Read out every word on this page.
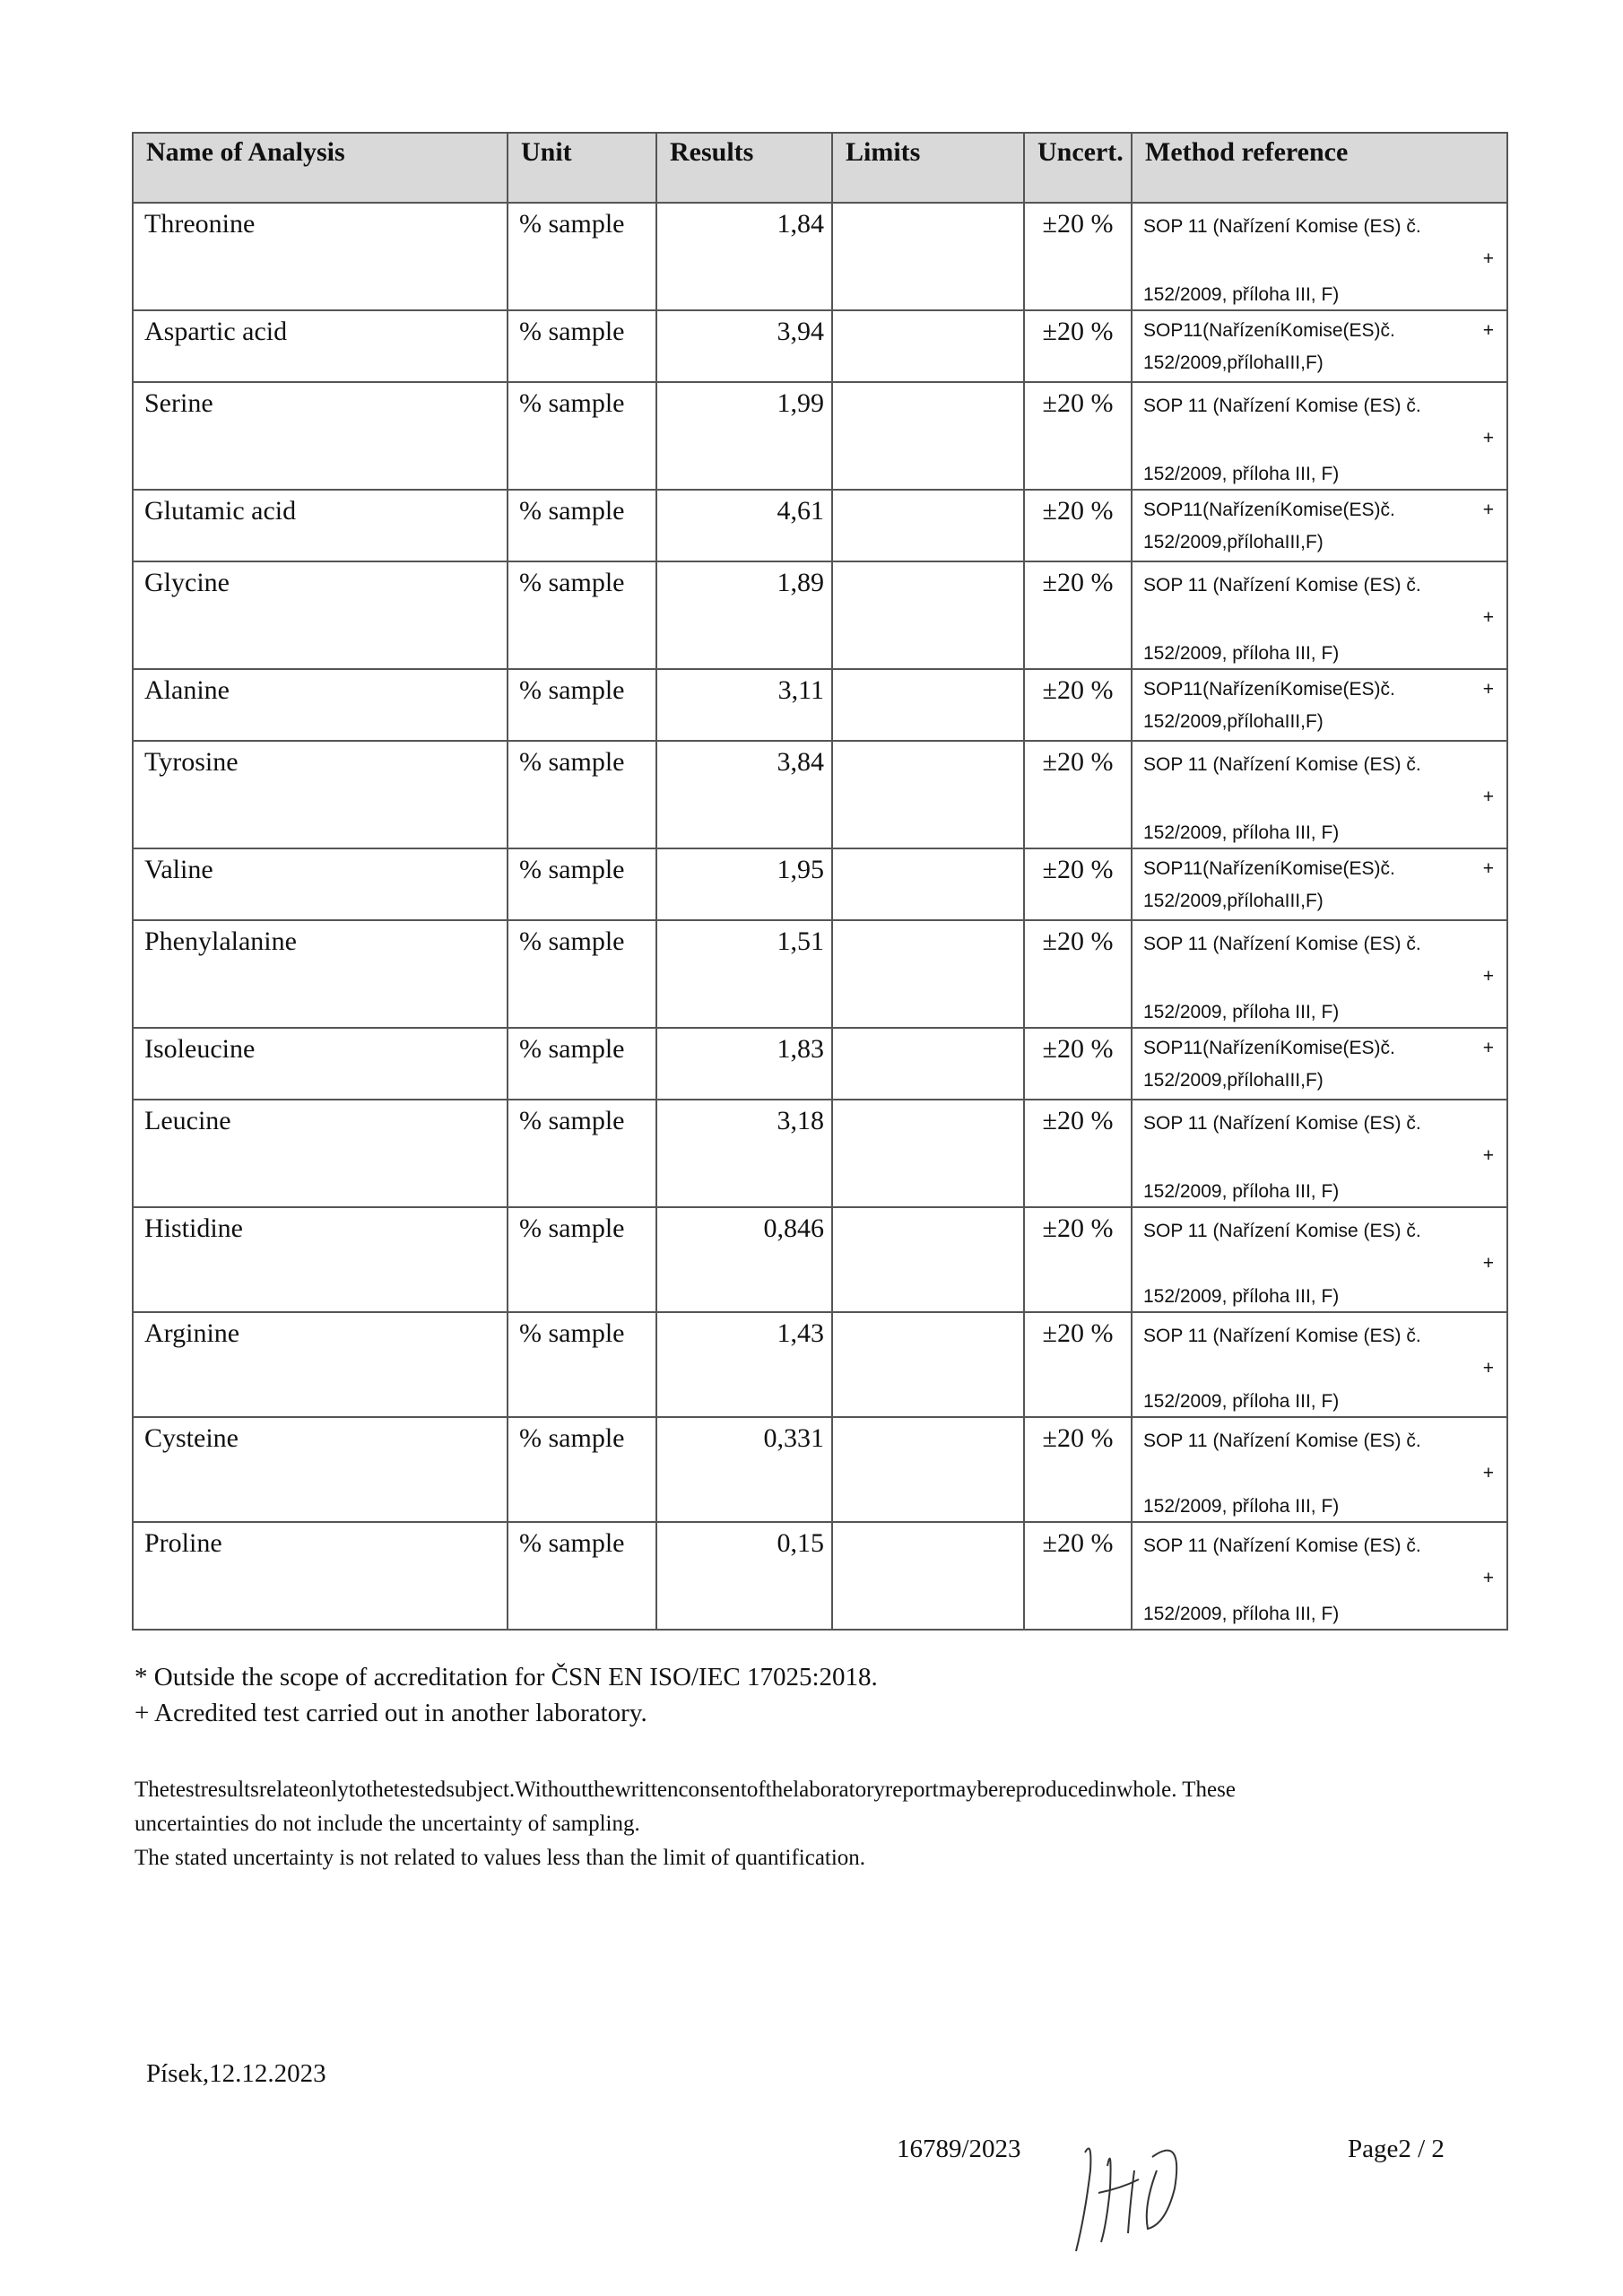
Name of Analysis	Unit	Results	Limits	Uncert.	Method reference
Threonine	% sample	1,84		±20 %	SOP 11 (Nařízení Komise (ES) č.
152/2009, příloha III, F)
+

Aspartic acid	% sample	3,94		±20 %	SOP11(NařízeníKomise(ES)č.
152/2009,přílohaIII,F)
+

Serine	% sample	1,99		±20 %	SOP 11 (Nařízení Komise (ES) č.
152/2009, příloha III, F)
+

Glutamic acid	% sample	4,61		±20 %	SOP11(NařízeníKomise(ES)č.
152/2009,přílohaIII,F)
+

Glycine	% sample	1,89		±20 %	SOP 11 (Nařízení Komise (ES) č.
152/2009, příloha III, F)
+

Alanine	% sample	3,11		±20 %	SOP11(NařízeníKomise(ES)č.
152/2009,přílohaIII,F)
+

Tyrosine	% sample	3,84		±20 %	SOP 11 (Nařízení Komise (ES) č.
152/2009, příloha III, F)
+

Valine	% sample	1,95		±20 %	SOP11(NařízeníKomise(ES)č.
152/2009,přílohaIII,F)
+

Phenylalanine	% sample	1,51		±20 %	SOP 11 (Nařízení Komise (ES) č.
152/2009, příloha III, F)
+

Isoleucine	% sample	1,83		±20 %	SOP11(NařízeníKomise(ES)č.
152/2009,přílohaIII,F)
+

Leucine	% sample	3,18		±20 %	SOP 11 (Nařízení Komise (ES) č.
152/2009, příloha III, F)
+

Histidine	% sample	0,846		±20 %	SOP 11 (Nařízení Komise (ES) č.
152/2009, příloha III, F)
+

Arginine	% sample	1,43		±20 %	SOP 11 (Nařízení Komise (ES) č.
152/2009, příloha III, F)
+

Cysteine	% sample	0,331		±20 %	SOP 11 (Nařízení Komise (ES) č.
152/2009, příloha III, F)
+

Proline	% sample	0,15		±20 %	SOP 11 (Nařízení Komise (ES) č.
152/2009, příloha III, F)
+
* Outside the scope of accreditation for ČSN EN ISO/IEC 17025:2018.
+ Acredited test carried out in another laboratory.
Thetestresultsrelateonlytothetestedsubject.Withoutthewrittenconsentofthelaboratoryreportmaybereproducedinwhole. These
uncertainties do not include the uncertainty of sampling.
The stated uncertainty is not related to values less than the limit of quantification.
Písek,12.12.2023
16789/2023	Page2 / 2
